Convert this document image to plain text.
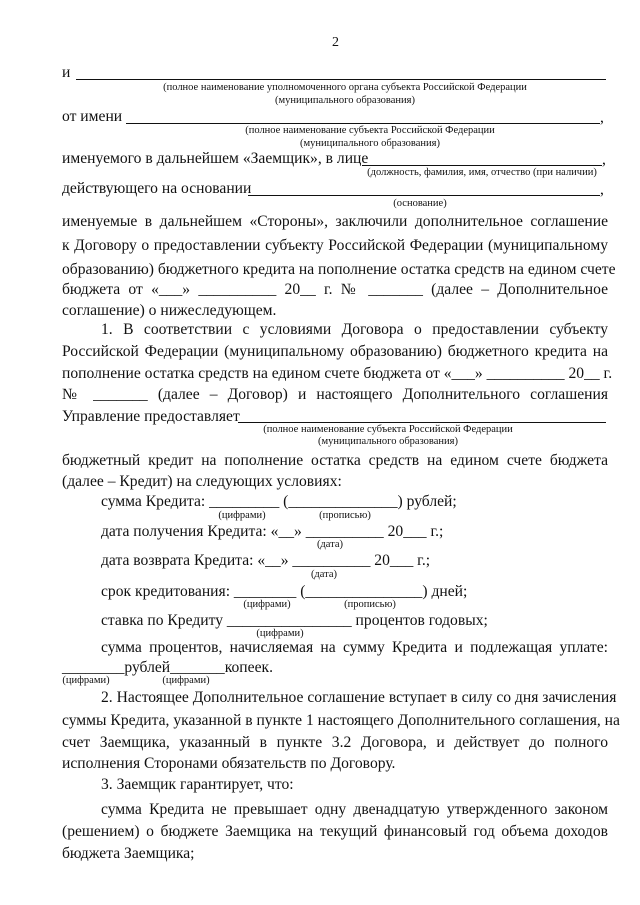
2
и
(полное наименование уполномоченного органа субъекта Российской Федерации
(муниципального образования)
от имени	,
(полное наименование субъекта Российской Федерации
(муниципального образования)
именуемого в дальнейшем «Заемщик», в лице	,
(должность, фамилия, имя, отчество (при наличии)
действующего на основании	,
(основание)
именуемые в дальнейшем «Стороны», заключили дополнительное соглашение
к Договору о предоставлении субъекту Российской Федерации (муниципальному
образованию) бюджетного кредита на пополнение остатка средств на едином счете
бюджета от «___» __________ 20__ г. № _______ (далее – Дополнительное
соглашение) о нижеследующем.
1. В соответствии с условиями Договора о предоставлении субъекту
Российской Федерации (муниципальному образованию) бюджетного кредита на
пополнение остатка средств на едином счете бюджета от «___» __________ 20__ г.
№ _______ (далее – Договор) и настоящего Дополнительного соглашения
Управление предоставляет
(полное наименование субъекта Российской Федерации
(муниципального образования)
бюджетный кредит на пополнение остатка средств на едином счете бюджета
(далее – Кредит) на следующих условиях:
сумма Кредита: _________ (______________) рублей;
(цифрами)	(прописью)
дата получения Кредита: «__» __________ 20___ г.;
(дата)
дата возврата Кредита: «__» __________ 20___ г.;
(дата)
срок кредитования: ________ (_______________) дней;
(цифрами)	(прописью)
ставка по Кредиту ________________ процентов годовых;
(цифрами)
сумма процентов, начисляемая на сумму Кредита и подлежащая уплате:
________рублей_______копеек.
(цифрами)	(цифрами)
2. Настоящее Дополнительное соглашение вступает в силу со дня зачисления
суммы Кредита, указанной в пункте 1 настоящего Дополнительного соглашения, на
счет Заемщика, указанный в пункте 3.2 Договора, и действует до полного
исполнения Сторонами обязательств по Договору.
3. Заемщик гарантирует, что:
сумма Кредита не превышает одну двенадцатую утвержденного законом
(решением) о бюджете Заемщика на текущий финансовый год объема доходов
бюджета Заемщика;
